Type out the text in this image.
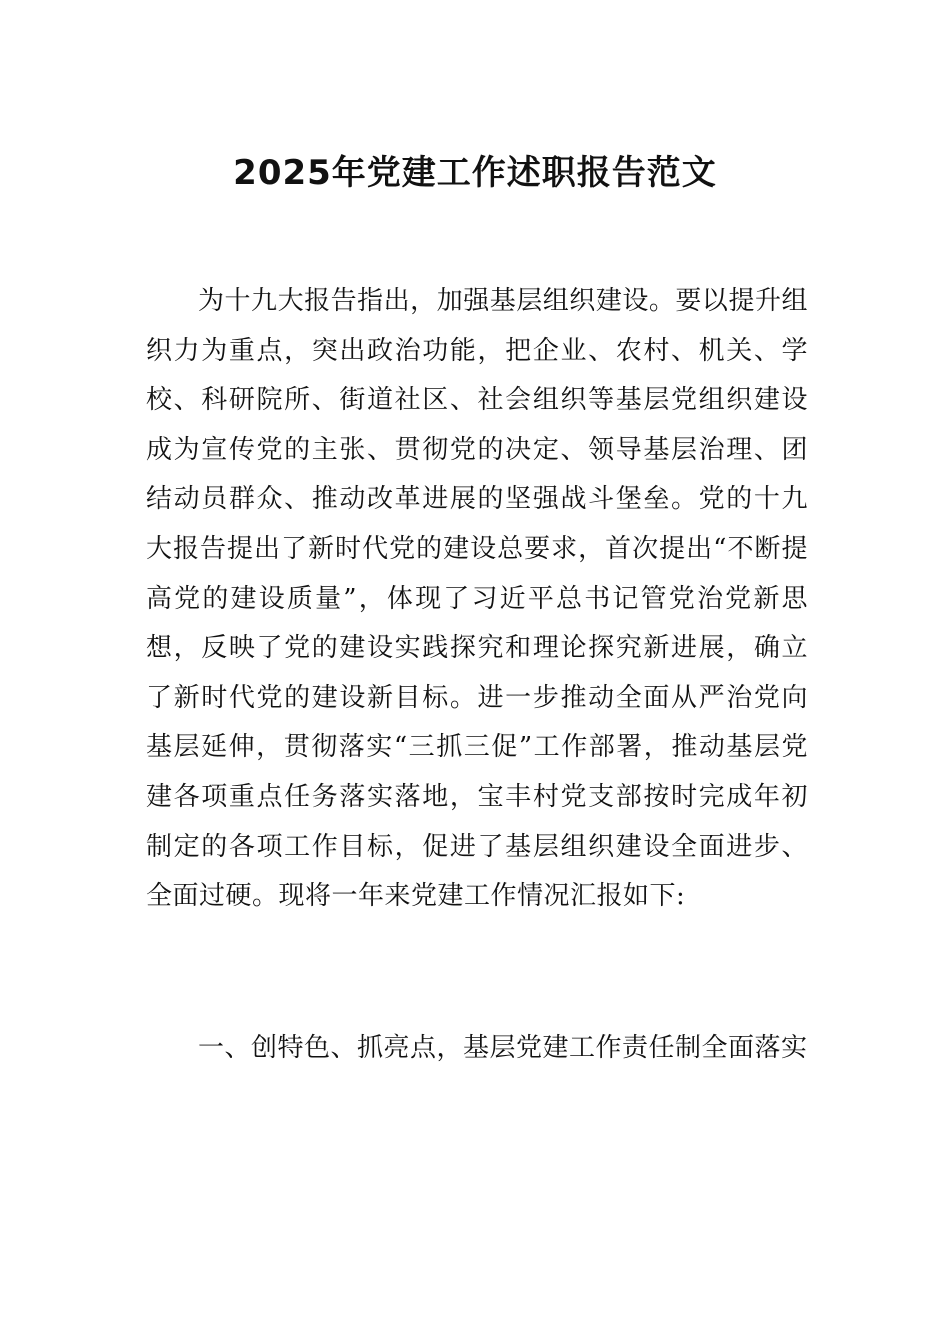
2025年党建工作述职报告范文

为十九大报告指出，加强基层组织建设。要以提升组织力为重点，突出政治功能，把企业、农村、机关、学校、科研院所、街道社区、社会组织等基层党组织建设成为宣传党的主张、贯彻党的决定、领导基层治理、团结动员群众、推动改革进展的坚强战斗堡垒。党的十九大报告提出了新时代党的建设总要求，首次提出“不断提高党的建设质量”，体现了习近平总书记管党治党新思想，反映了党的建设实践探究和理论探究新进展，确立了新时代党的建设新目标。进一步推动全面从严治党向基层延伸，贯彻落实“三抓三促”工作部署，推动基层党建各项重点任务落实落地，宝丰村党支部按时完成年初制定的各项工作目标，促进了基层组织建设全面进步、全面过硬。现将一年来党建工作情况汇报如下:

一、创特色、抓亮点，基层党建工作责任制全面落实
